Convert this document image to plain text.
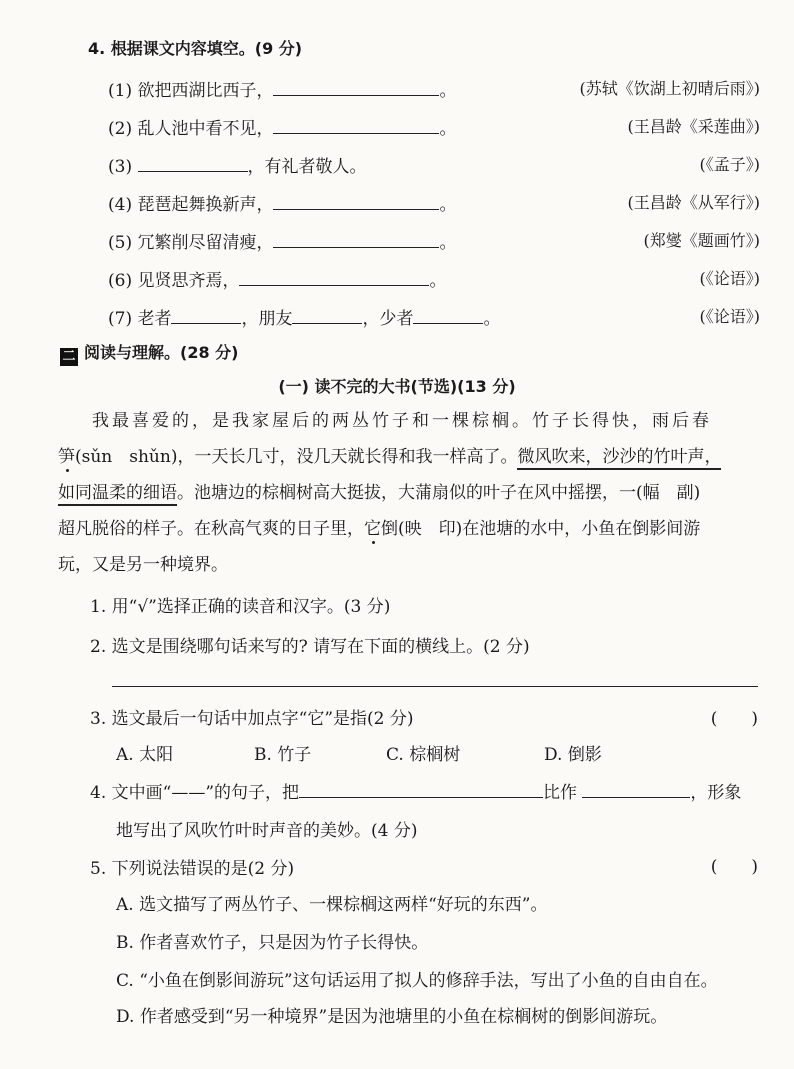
4. 根据课文内容填空。(9 分)
(1) 欲把西湖比西子，	。	(苏轼《饮湖上初晴后雨》)
(2) 乱人池中看不见，	。	(王昌龄《采莲曲》)
(3)	，有礼者敬人。	(《孟子》)
(4) 琵琶起舞换新声，	。	(王昌龄《从军行》)
(5) 冗繁削尽留清瘦，	。	(郑燮《题画竹》)
(6) 见贤思齐焉，	。	(《论语》)
(7) 老者	，朋友	，少者	。	(《论语》)
二 阅读与理解。(28 分)
(一) 读不完的大书(节选)(13 分)
我最喜爱的，是我家屋后的两丛竹子和一棵棕榈。竹子长得快，雨后春
笋(sǔn　shǔn)，一天长几寸，没几天就长得和我一样高了。微风吹来，沙沙的竹叶声，
如同温柔的细语。池塘边的棕榈树高大挺拔，大蒲扇似的叶子在风中摇摆，一(幅　副)
超凡脱俗的样子。在秋高气爽的日子里，它倒(映　印)在池塘的水中，小鱼在倒影间游
玩，又是另一种境界。
1. 用“√”选择正确的读音和汉字。(3 分)
2. 选文是围绕哪句话来写的? 请写在下面的横线上。(2 分)
3. 选文最后一句话中加点字“它”是指(2 分)	(　　)
A. 太阳	B. 竹子	C. 棕榈树	D. 倒影
4. 文中画“——”的句子，把	比作	，形象
地写出了风吹竹叶时声音的美妙。(4 分)
5. 下列说法错误的是(2 分)	(　　)
A. 选文描写了两丛竹子、一棵棕榈这两样“好玩的东西”。
B. 作者喜欢竹子，只是因为竹子长得快。
C. “小鱼在倒影间游玩”这句话运用了拟人的修辞手法，写出了小鱼的自由自在。
D. 作者感受到“另一种境界”是因为池塘里的小鱼在棕榈树的倒影间游玩。
